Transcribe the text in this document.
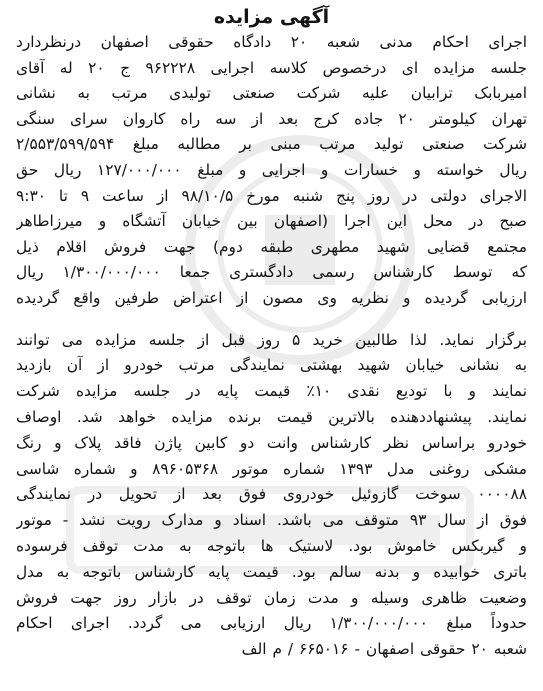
آگهی مزایده
اجرای احکام مدنی شعبه ۲۰ دادگاه حقوقی اصفهان درنظردارد
جلسه مزایده ای درخصوص کلاسه اجرایی ۹۶۲۲۲۸ ج ۲۰ له آقای
امیربابک ترابیان علیه شرکت صنعتی تولیدی مرتب به نشانی
تهران کیلومتر ۲۰ جاده کرج بعد از سه راه کاروان سرای سنگی
شرکت صنعتی تولید مرتب مبنی بر مطالبه مبلغ ۲/۵۵۳/۵۹۹/۵۹۴
ریال خواسته و خسارات و اجرایی و مبلغ ۱۲۷/۰۰۰/۰۰۰ ریال حق
الاجرای دولتی در روز پنج شنبه مورخ ۹۸/۱۰/۵ از ساعت ۹ تا ۹:۳۰
صبح در محل این اجرا (اصفهان بین خیابان آتشگاه و میرزاطاهر
مجتمع قضایی شهید مطهری طبقه دوم) جهت فروش اقلام ذیل
که توسط کارشناس رسمی دادگستری جمعا ۱/۳۰۰/۰۰۰/۰۰۰ ریال
ارزیابی گردیده و نظریه وی مصون از اعتراض طرفین واقع گردیده
برگزار نماید. لذا طالبین خرید ۵ روز قبل از جلسه مزایده می توانند
به نشانی خیابان شهید بهشتی نمایندگی مرتب خودرو از آن بازدید
نمایند و با تودیع نقدی ۱۰٪ قیمت پایه در جلسه مزایده شرکت
نمایند. پیشنهاددهنده بالاترین قیمت برنده مزایده خواهد شد. اوصاف
خودرو براساس نظر کارشناس وانت دو کابین پاژن فاقد پلاک و رنگ
مشکی روغنی مدل ۱۳۹۳ شماره موتور ۸۹۶۰۵۳۶۸ و شماره شاسی
۰۰۰۰۸۸ سوخت گازوئیل خودروی فوق بعد از تحویل در نمایندگی
فوق از سال ۹۳ متوقف می باشد. اسناد و مدارک رویت نشد - موتور
و گیربکس خاموش بود. لاستیک ها باتوجه به مدت توقف فرسوده
باتری خوابیده و بدنه سالم بود. قیمت پایه کارشناس باتوجه به مدل
وضعیت ظاهری وسیله و مدت زمان توقف در بازار روز جهت فروش
حدوداً مبلغ ۱/۳۰۰/۰۰۰/۰۰۰ ریال ارزیابی می گردد. اجرای احکام
شعبه ۲۰ حقوقی اصفهان - ۶۶۵۰۱۶ / م الف
